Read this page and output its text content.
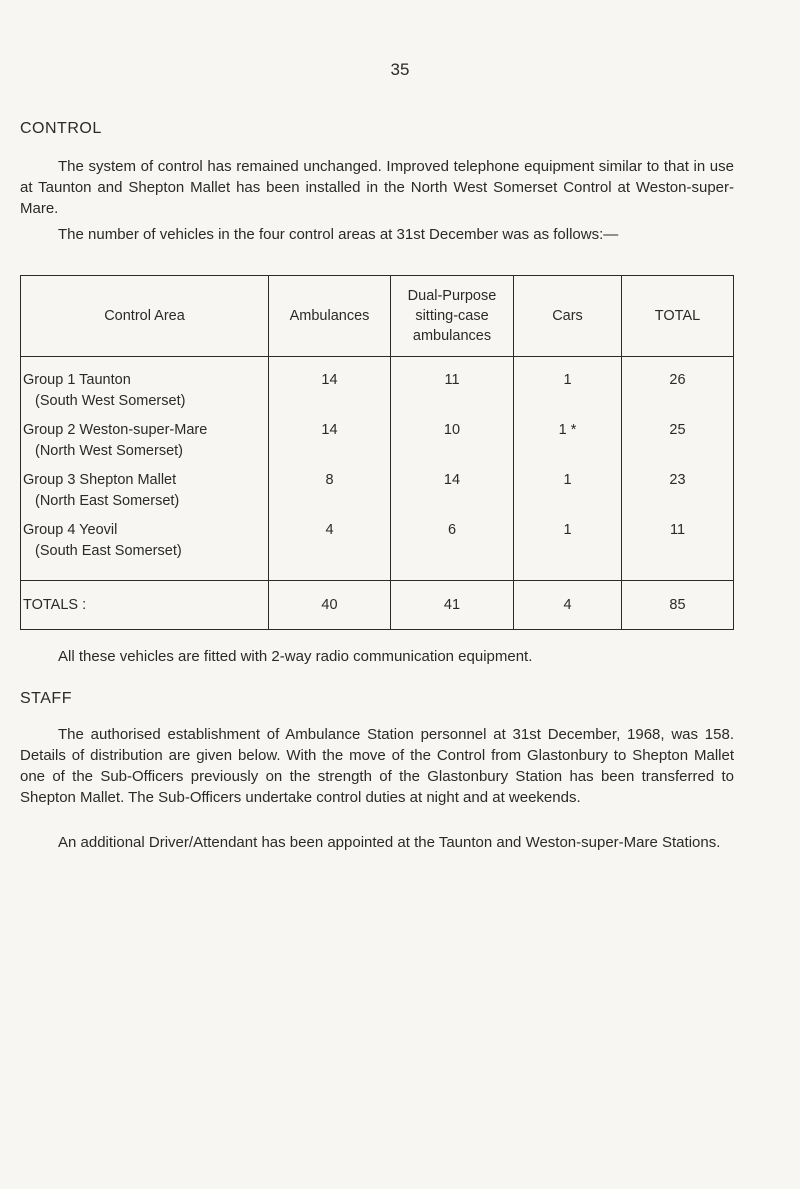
35
CONTROL
The system of control has remained unchanged. Improved telephone equipment similar to that in use at Taunton and Shepton Mallet has been installed in the North West Somerset Control at Weston-super-Mare.
The number of vehicles in the four control areas at 31st December was as follows:—
Control Area	Ambulances	Dual-Purpose
sitting-case
ambulances	Cars	TOTAL
Group 1 Taunton
(South West Somerset)	14	11	1	26
Group 2 Weston-super-Mare
(North West Somerset)	14	10	1 *	25
Group 3 Shepton Mallet
(North East Somerset)	8	14	1	23
Group 4 Yeovil
(South East Somerset)	4	6	1	11
TOTALS :	40	41	4	85
All these vehicles are fitted with 2-way radio communication equipment.
STAFF
The authorised establishment of Ambulance Station personnel at 31st December, 1968, was 158. Details of distribution are given below. With the move of the Control from Glastonbury to Shepton Mallet one of the Sub-Officers previously on the strength of the Glastonbury Station has been transferred to Shepton Mallet. The Sub-Officers undertake control duties at night and at weekends.
An additional Driver/Attendant has been appointed at the Taunton and Weston-super-Mare Stations.
